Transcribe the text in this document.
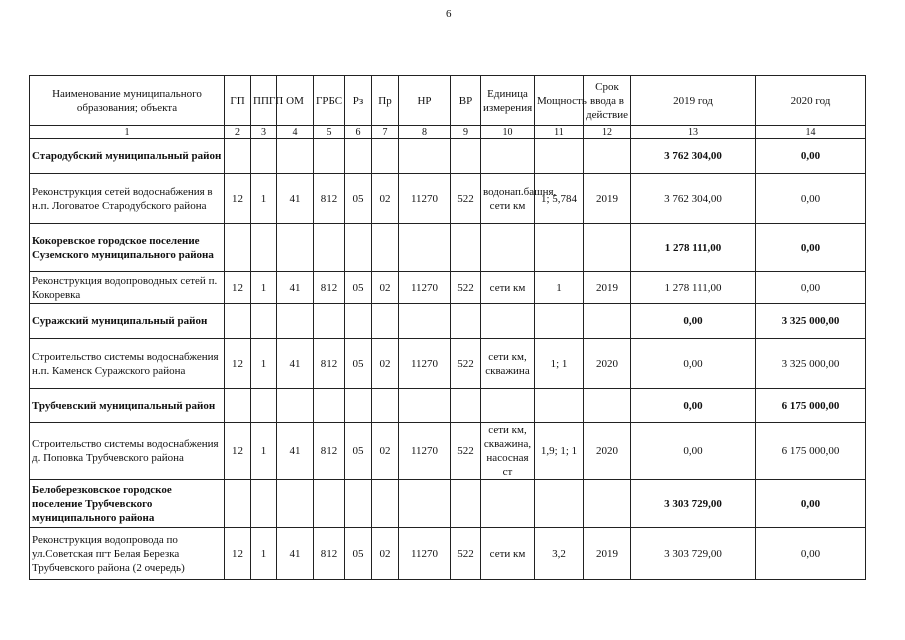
6
Наименование муниципального образования; объекта	ГП	ППГП	ОМ	ГРБС	Рз	Пр	НР	ВР	Единица измерения	Мощность	Срок ввода в действие	2019 год	2020 год
1	2	3	4	5	6	7	8	9	10	11	12	13	14
Стародубский муниципальный район												3 762 304,00	0,00
Реконструкция сетей водоснабжения в н.п. Логоватое Стародубского района	12	1	41	812	05	02	11270	522	водонап.башня, сети км	1; 5,784	2019	3 762 304,00	0,00
Кокоревское городское поселение Суземского муниципального района												1 278 111,00	0,00
Реконструкция водопроводных сетей п. Кокоревка	12	1	41	812	05	02	11270	522	сети км	1	2019	1 278 111,00	0,00
Суражский муниципальный район												0,00	3 325 000,00
Строительство системы водоснабжения н.п. Каменск Суражского района	12	1	41	812	05	02	11270	522	сети км, скважина	1; 1	2020	0,00	3 325 000,00
Трубчевский муниципальный район												0,00	6 175 000,00
Строительство системы водоснабжения д. Поповка Трубчевского района	12	1	41	812	05	02	11270	522	сети км, скважина, насосная ст	1,9; 1; 1	2020	0,00	6 175 000,00
Белоберезковское городское поселение Трубчевского муниципального района												3 303 729,00	0,00
Реконструкция водопровода по ул.Советская пгт Белая Березка Трубчевского района (2 очередь)	12	1	41	812	05	02	11270	522	сети км	3,2	2019	3 303 729,00	0,00
